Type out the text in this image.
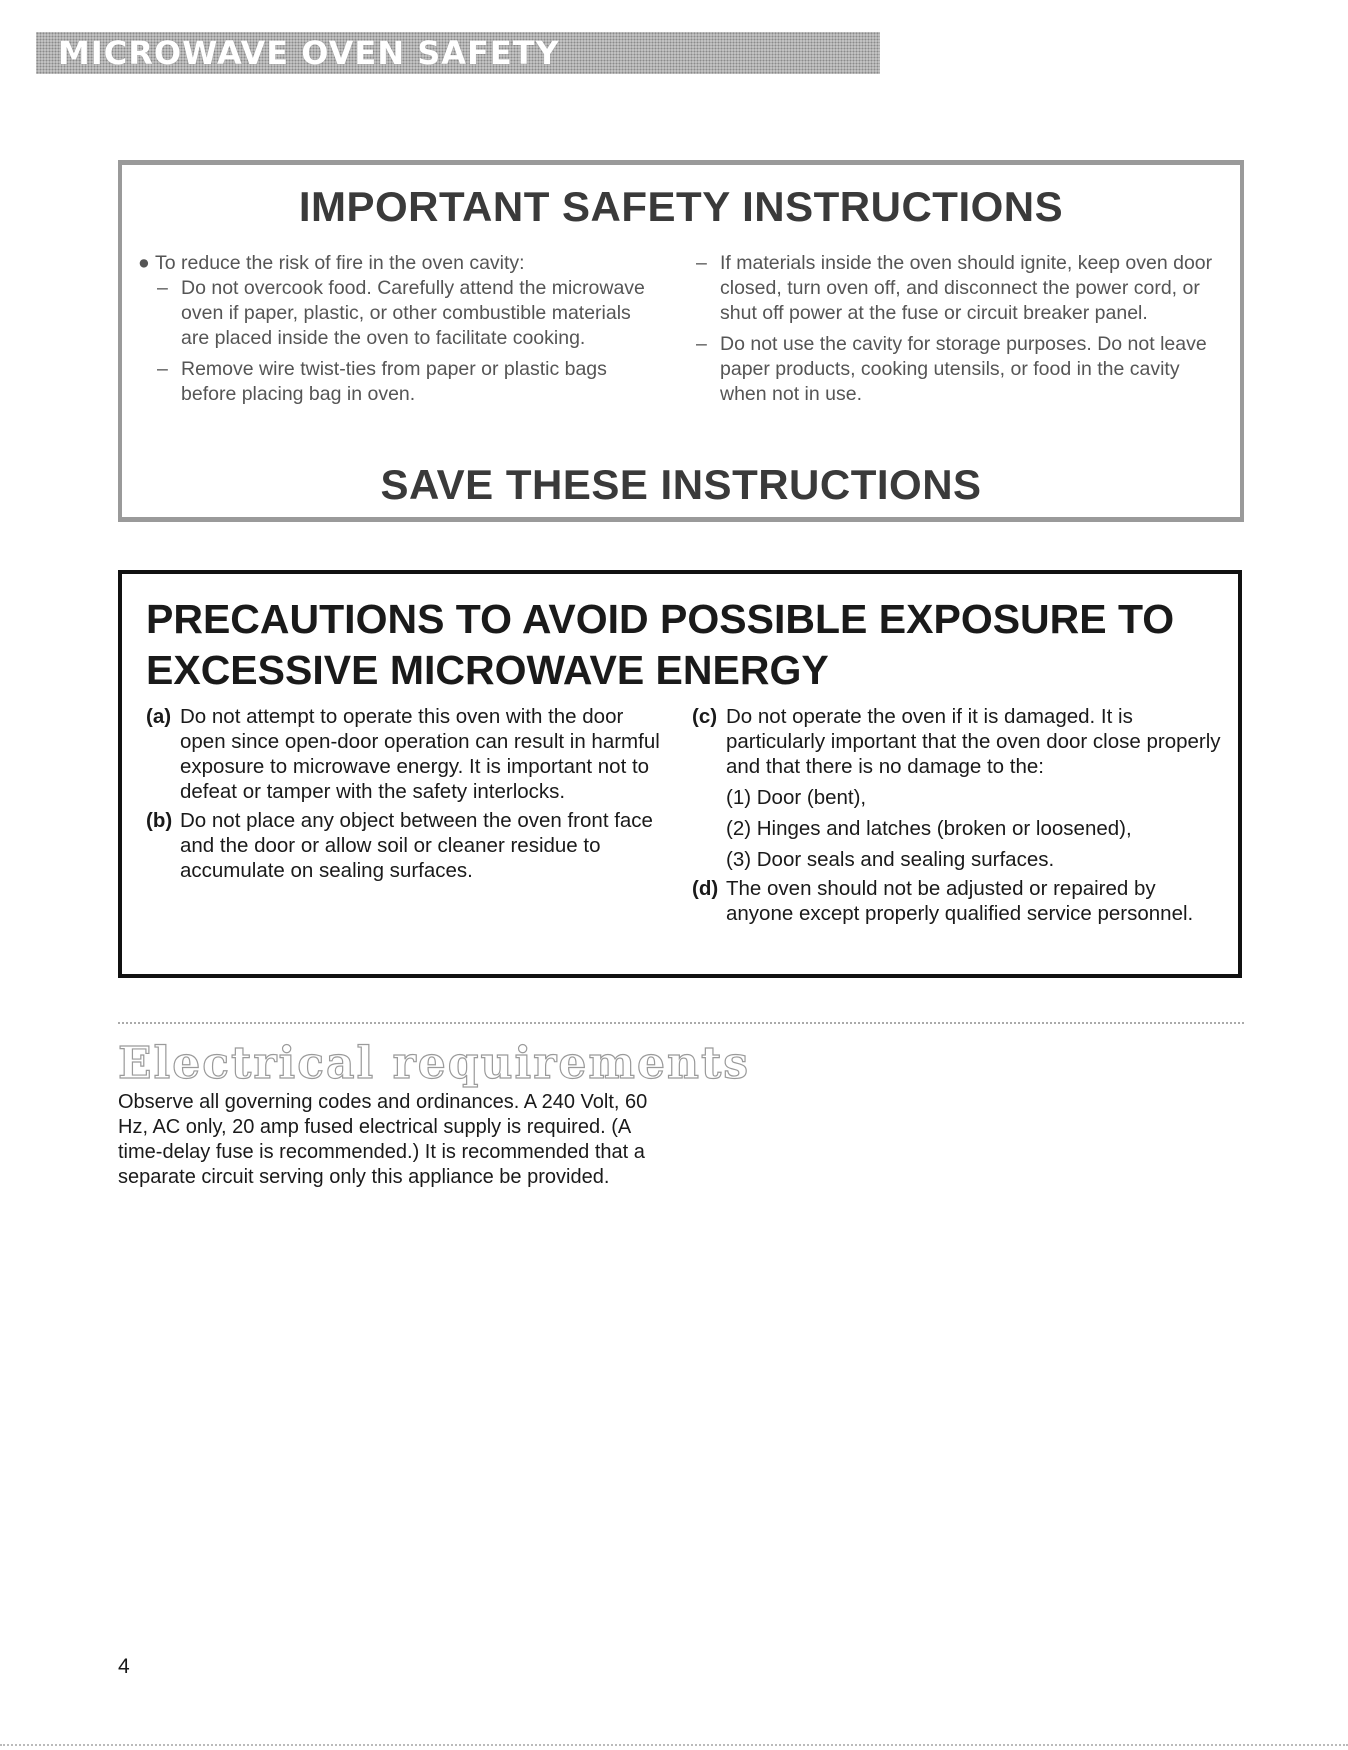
MICROWAVE OVEN SAFETY
IMPORTANT SAFETY INSTRUCTIONS
● To reduce the risk of fire in the oven cavity:
– Do not overcook food. Carefully attend the microwave oven if paper, plastic, or other combustible materials are placed inside the oven to facilitate cooking.
– Remove wire twist-ties from paper or plastic bags before placing bag in oven.
– If materials inside the oven should ignite, keep oven door closed, turn oven off, and disconnect the power cord, or shut off power at the fuse or circuit breaker panel.
– Do not use the cavity for storage purposes. Do not leave paper products, cooking utensils, or food in the cavity when not in use.
SAVE THESE INSTRUCTIONS
PRECAUTIONS TO AVOID POSSIBLE EXPOSURE TO EXCESSIVE MICROWAVE ENERGY
(a) Do not attempt to operate this oven with the door open since open-door operation can result in harmful exposure to microwave energy. It is important not to defeat or tamper with the safety interlocks.
(b) Do not place any object between the oven front face and the door or allow soil or cleaner residue to accumulate on sealing surfaces.
(c) Do not operate the oven if it is damaged. It is particularly important that the oven door close properly and that there is no damage to the:
(1) Door (bent),
(2) Hinges and latches (broken or loosened),
(3) Door seals and sealing surfaces.
(d) The oven should not be adjusted or repaired by anyone except properly qualified service personnel.
Electrical requirements
Observe all governing codes and ordinances. A 240 Volt, 60 Hz, AC only, 20 amp fused electrical supply is required. (A time-delay fuse is recommended.) It is recommended that a separate circuit serving only this appliance be provided.
4
